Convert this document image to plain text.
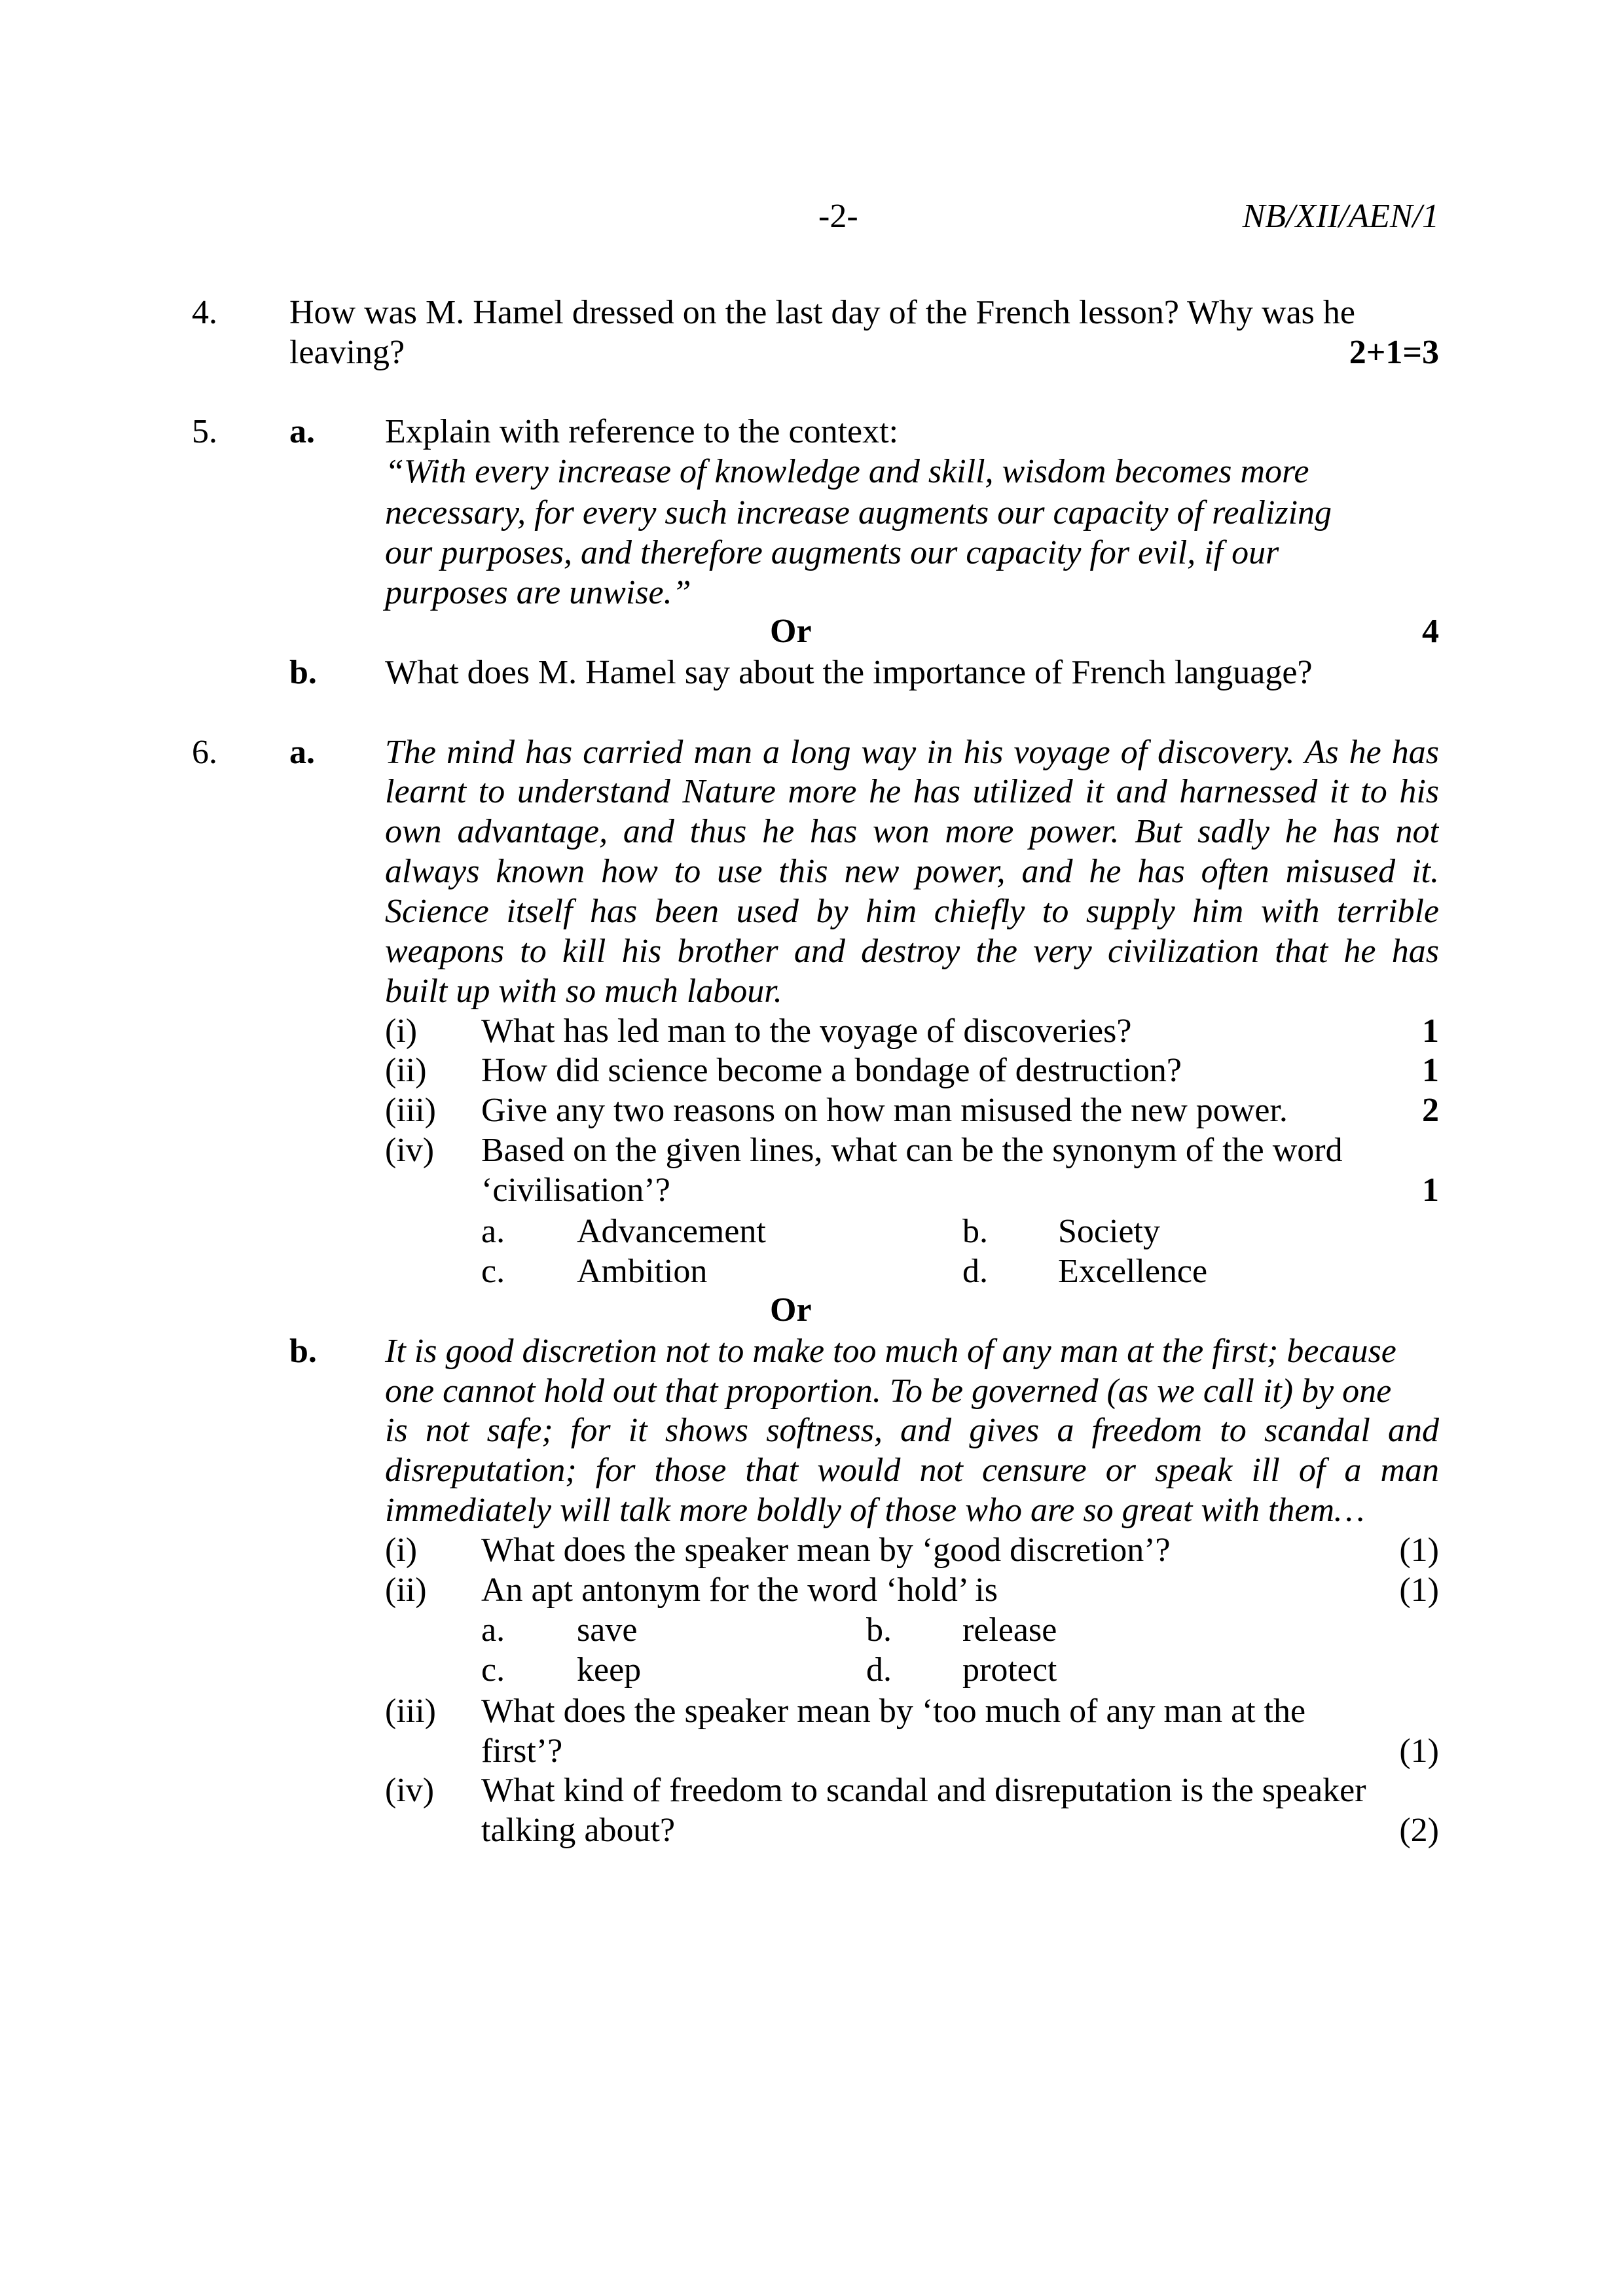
-2-	NB/XII/AEN/1
4. How was M. Hamel dressed on the last day of the French lesson? Why was he
leaving?	2+1=3
5. a. Explain with reference to the context:
“With every increase of knowledge and skill, wisdom becomes more
necessary, for every such increase augments our capacity of realizing
our purposes, and therefore augments our capacity for evil, if our
purposes are unwise.”
Or	4
b. What does M. Hamel say about the importance of French language?
6. a. The mind has carried man a long way in his voyage of discovery. As he has
learnt to understand Nature more he has utilized it and harnessed it to his
own advantage, and thus he has won more power. But sadly he has not
always known how to use this new power, and he has often misused it.
Science itself has been used by him chiefly to supply him with terrible
weapons to kill his brother and destroy the very civilization that he has
built up with so much labour.
(i) What has led man to the voyage of discoveries?	1
(ii) How did science become a bondage of destruction?	1
(iii) Give any two reasons on how man misused the new power.	2
(iv) Based on the given lines, what can be the synonym of the word
‘civilisation’?	1
a. Advancement	b. Society
c. Ambition	d. Excellence
Or
b. It is good discretion not to make too much of any man at the first; because
one cannot hold out that proportion. To be governed (as we call it) by one
is not safe; for it shows softness, and gives a freedom to scandal and
disreputation; for those that would not censure or speak ill of a man
immediately will talk more boldly of those who are so great with them…
(i) What does the speaker mean by ‘good discretion’?	(1)
(ii) An apt antonym for the word ‘hold’ is	(1)
a. save	b. release
c. keep	d. protect
(iii) What does the speaker mean by ‘too much of any man at the
first’?	(1)
(iv) What kind of freedom to scandal and disreputation is the speaker
talking about?	(2)
